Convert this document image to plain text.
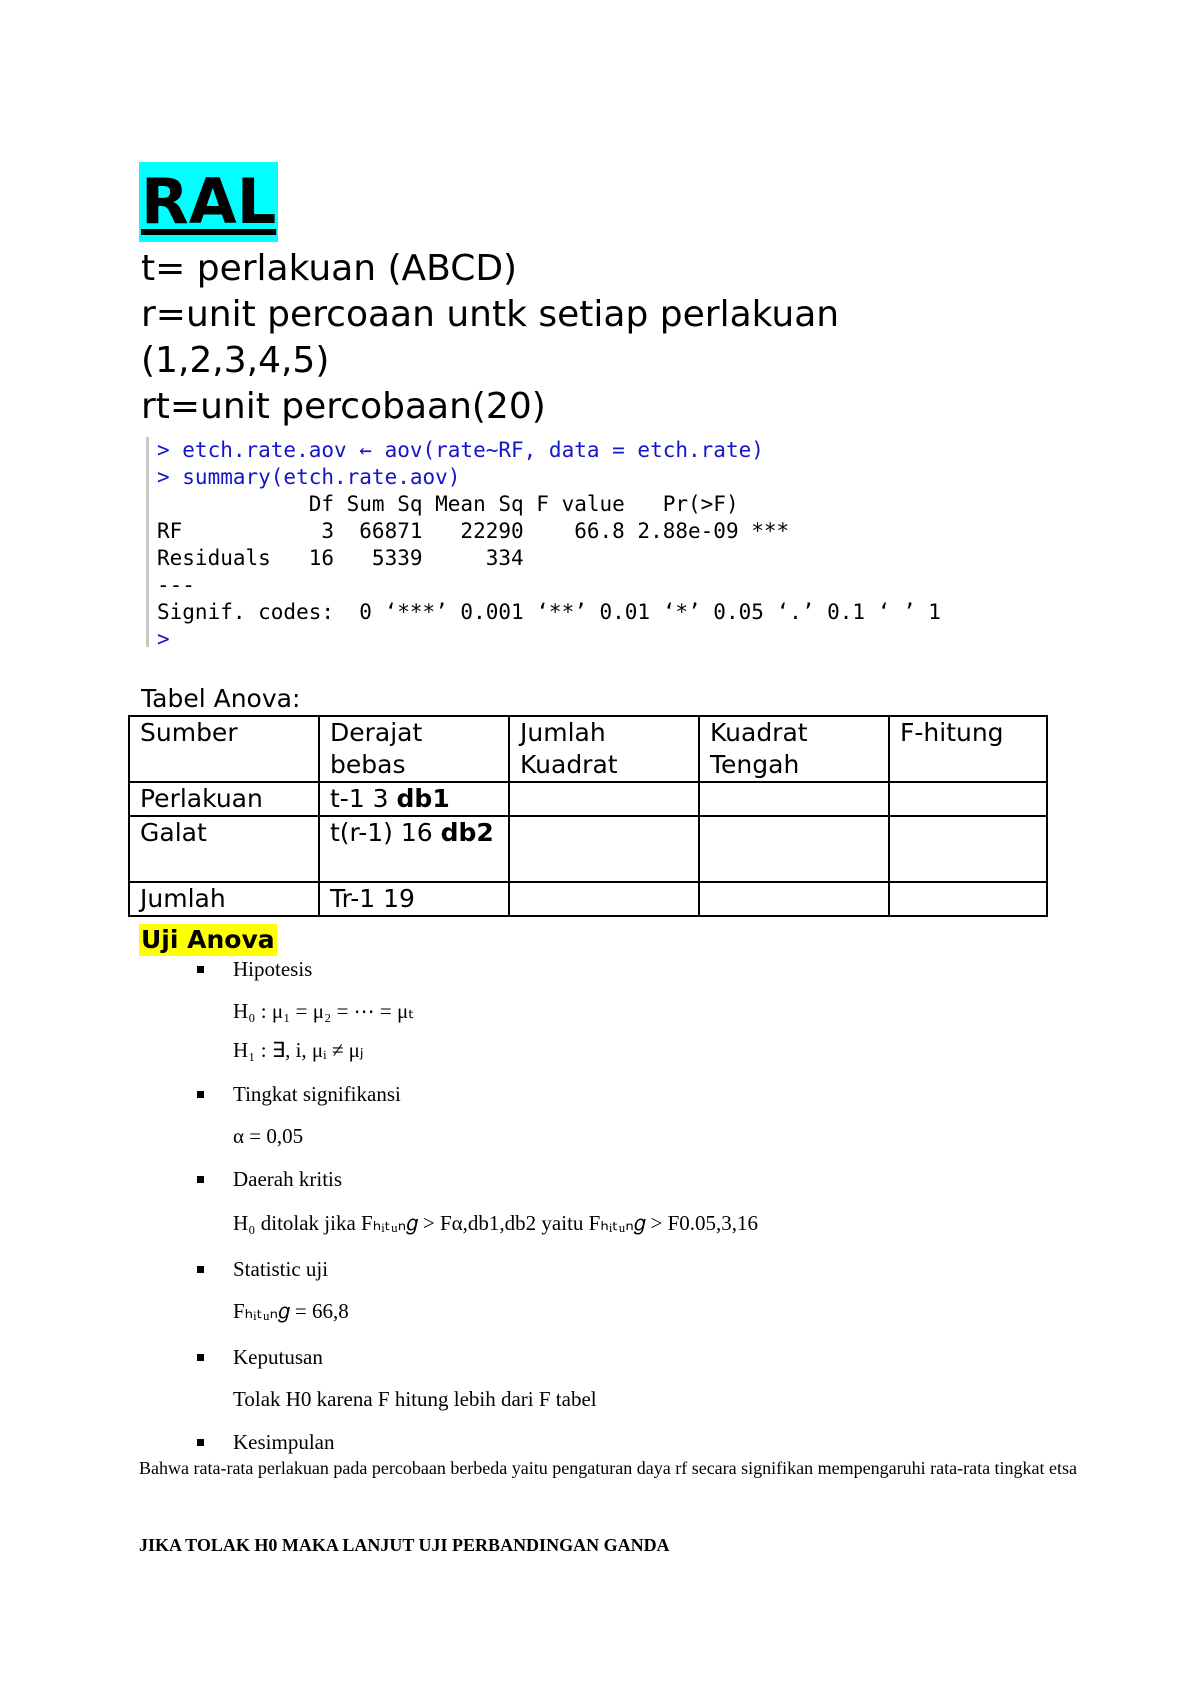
RAL
t= perlakuan (ABCD)
r=unit percoaan untk setiap perlakuan
(1,2,3,4,5)
rt=unit percobaan(20)
> etch.rate.aov ← aov(rate~RF, data = etch.rate)
> summary(etch.rate.aov)
Df Sum Sq Mean Sq F value   Pr(>F)
RF           3  66871   22290    66.8 2.88e-09 ***
Residuals   16   5339     334
---
Signif. codes:  0 ‘***’ 0.001 ‘**’ 0.01 ‘*’ 0.05 ‘.’ 0.1 ‘ ’ 1
>
Tabel Anova:
Sumber	Derajat bebas	Jumlah Kuadrat	Kuadrat Tengah	F-hitung
Perlakuan	t-1 3 db1			
Galat	t(r-1) 16 db2			
Jumlah	Tr-1 19			
Uji Anova
Hipotesis
H₀ : μ₁ = μ₂ = ⋯ = μₜ
H₁ : ∃, i, μᵢ ≠ μⱼ
Tingkat signifikansi
α = 0,05
Daerah kritis
H₀ ditolak jika Fₕᵢₜᵤₙ𝑔 > Fα,db1,db2 yaitu Fₕᵢₜᵤₙ𝑔 > F0.05,3,16
Statistic uji
Fₕᵢₜᵤₙ𝑔 = 66,8
Keputusan
Tolak H0 karena F hitung lebih dari F tabel
Kesimpulan
Bahwa rata-rata perlakuan pada percobaan berbeda yaitu pengaturan daya rf secara signifikan mempengaruhi rata-rata tingkat etsa
JIKA TOLAK H0 MAKA LANJUT UJI PERBANDINGAN GANDA
